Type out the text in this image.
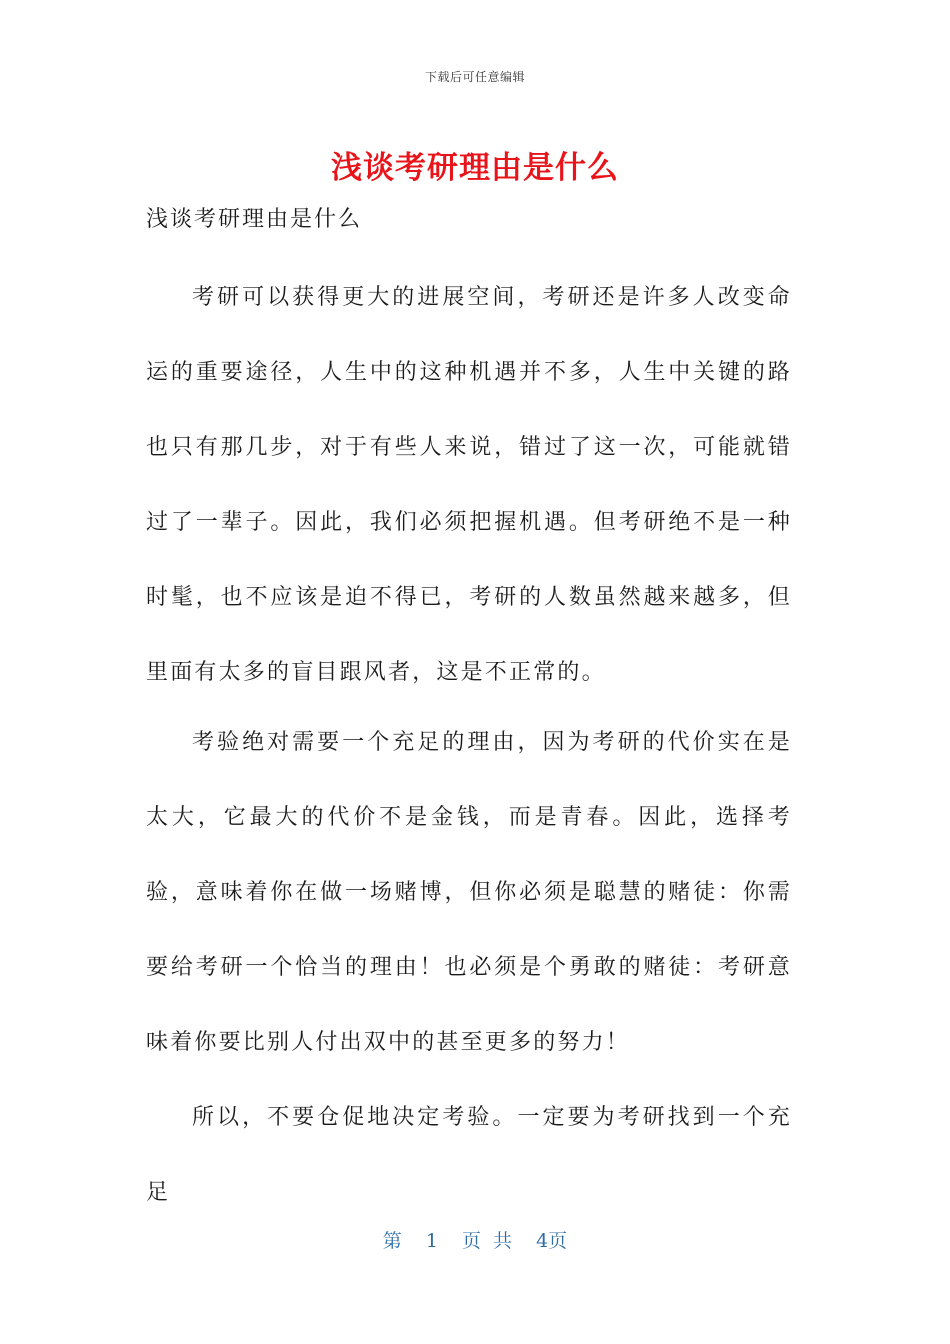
下载后可任意编辑
浅谈考研理由是什么
浅谈考研理由是什么

考研可以获得更大的进展空间，考研还是许多人改变命运的重要途径，人生中的这种机遇并不多，人生中关键的路也只有那几步，对于有些人来说，错过了这一次，可能就错过了一辈子。因此，我们必须把握机遇。但考研绝不是一种时髦，也不应该是迫不得已，考研的人数虽然越来越多，但里面有太多的盲目跟风者，这是不正常的。

考验绝对需要一个充足的理由，因为考研的代价实在是太大，它最大的代价不是金钱，而是青春。因此，选择考验，意味着你在做一场赌博，但你必须是聪慧的赌徒：你需要给考研一个恰当的理由！也必须是个勇敢的赌徒：考研意味着你要比别人付出双中的甚至更多的努力！

所以，不要仓促地决定考验。一定要为考研找到一个充足

第 1 页 共 4页
